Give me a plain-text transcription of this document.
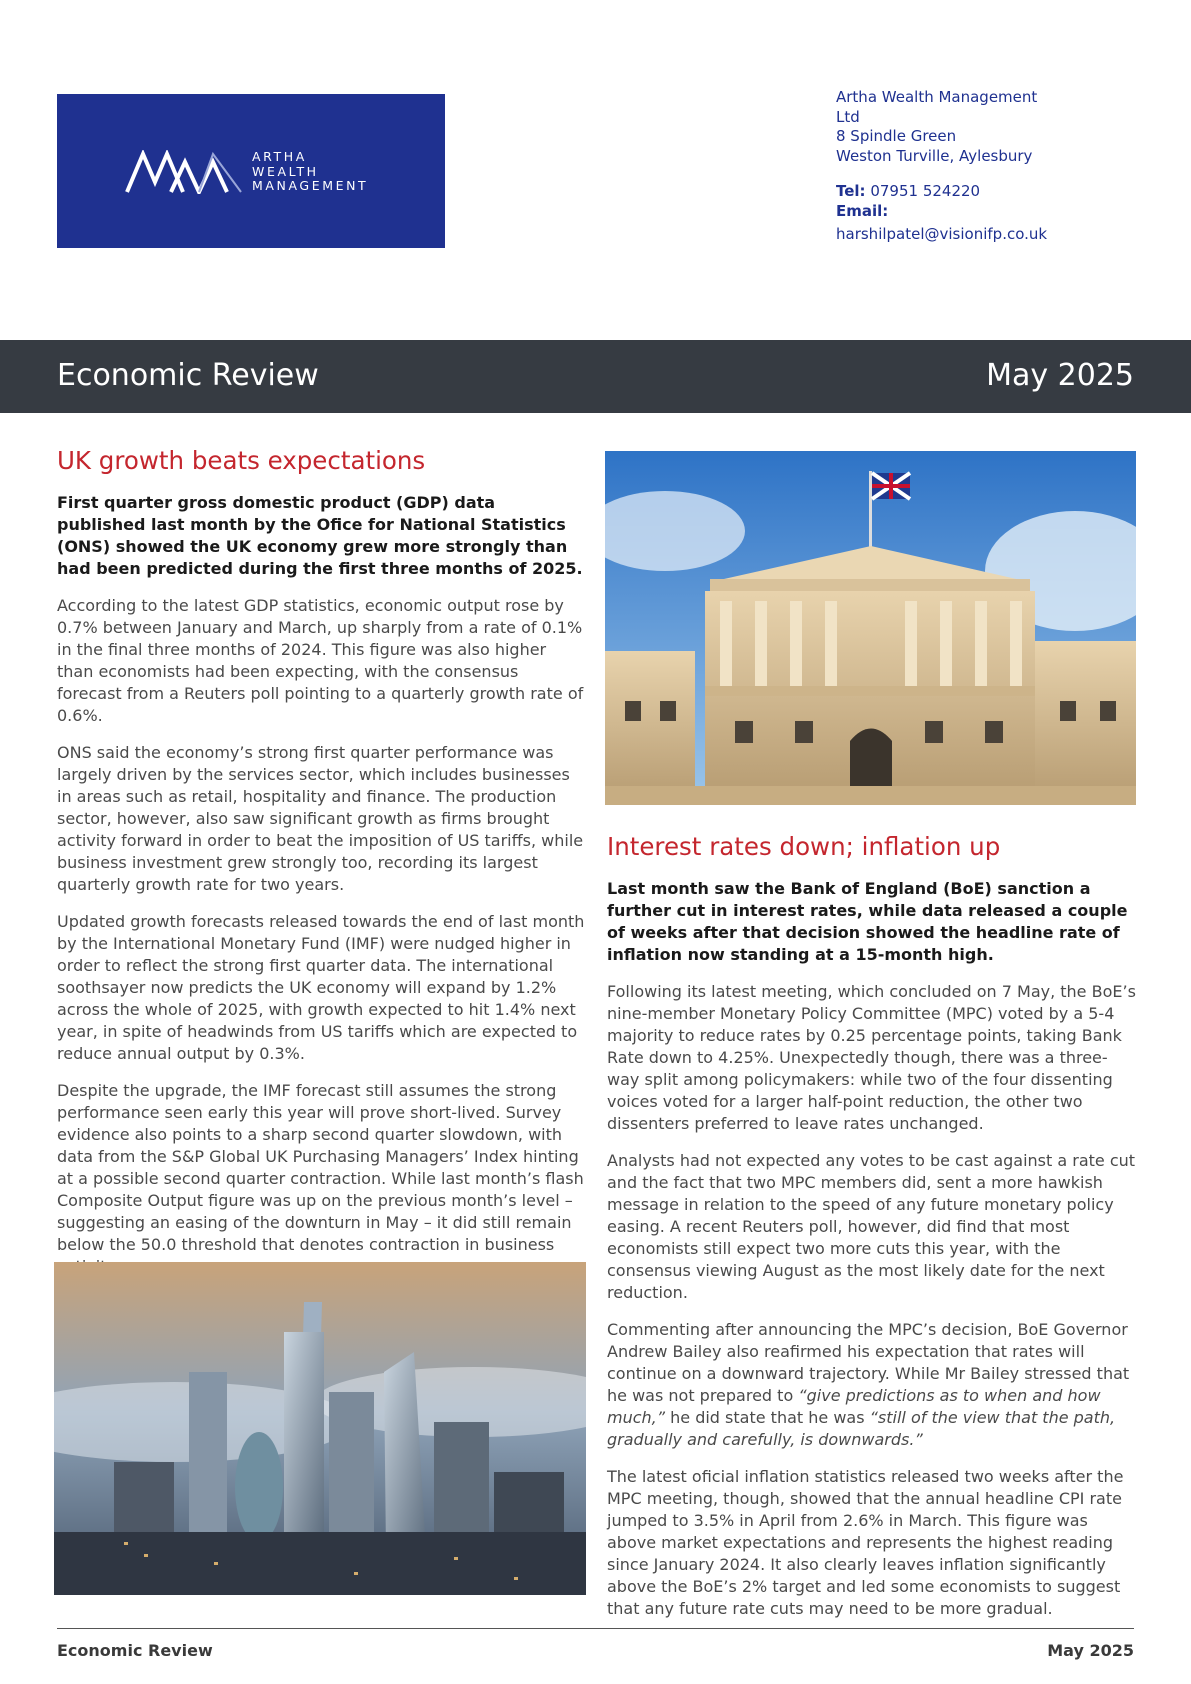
ARTHA
WEALTH
MANAGEMENT
Artha Wealth Management
Ltd
8 Spindle Green
Weston Turville, Aylesbury
Tel: 07951 524220
Email:
harshilpatel@visionifp.co.uk
Economic Review	May 2025
UK growth beats expectations

First quarter gross domestic product (GDP) data published last month by the Ofice for National Statistics (ONS) showed the UK economy grew more strongly than had been predicted during the first three months of 2025.

According to the latest GDP statistics, economic output rose by 0.7% between January and March, up sharply from a rate of 0.1% in the final three months of 2024. This figure was also higher than economists had been expecting, with the consensus forecast from a Reuters poll pointing to a quarterly growth rate of 0.6%.

ONS said the economy’s strong first quarter performance was largely driven by the services sector, which includes businesses in areas such as retail, hospitality and finance. The production sector, however, also saw significant growth as firms brought activity forward in order to beat the imposition of US tariffs, while business investment grew strongly too, recording its largest quarterly growth rate for two years.

Updated growth forecasts released towards the end of last month by the International Monetary Fund (IMF) were nudged higher in order to reflect the strong first quarter data. The international soothsayer now predicts the UK economy will expand by 1.2% across the whole of 2025, with growth expected to hit 1.4% next year, in spite of headwinds from US tariffs which are expected to reduce annual output by 0.3%.

Despite the upgrade, the IMF forecast still assumes the strong performance seen early this year will prove short-lived. Survey evidence also points to a sharp second quarter slowdown, with data from the S&P Global UK Purchasing Managers’ Index hinting at a possible second quarter contraction. While last month’s flash Composite Output figure was up on the previous month’s level – suggesting an easing of the downturn in May – it did still remain below the 50.0 threshold that denotes contraction in business

Interest rates down; inflation up

Last month saw the Bank of England (BoE) sanction a further cut in interest rates, while data released a couple of weeks after that decision showed the headline rate of inflation now standing at a 15-month high.

Following its latest meeting, which concluded on 7 May, the BoE’s nine-member Monetary Policy Committee (MPC) voted by a 5-4 majority to reduce rates by 0.25 percentage points, taking Bank Rate down to 4.25%. Unexpectedly though, there was a three-way split among policymakers: while two of the four dissenting voices voted for a larger half-point reduction, the other two dissenters preferred to leave rates unchanged.

Analysts had not expected any votes to be cast against a rate cut and the fact that two MPC members did, sent a more hawkish message in relation to the speed of any future monetary policy easing. A recent Reuters poll, however, did find that most economists still expect two more cuts this year, with the consensus viewing August as the most likely date for the next reduction.

Commenting after announcing the MPC’s decision, BoE Governor Andrew Bailey also reafirmed his expectation that rates will continue on a downward trajectory. While Mr Bailey stressed that he was not prepared to “give predictions as to when and how much,” he did state that he was “still of the view that the path, gradually and carefully, is downwards.”

The latest oficial inflation statistics released two weeks after the MPC meeting, though, showed that the annual headline CPI rate jumped to 3.5% in April from 2.6% in March. This figure was above market expectations and represents the highest reading since January 2024. It also clearly leaves inflation significantly above the BoE’s 2% target and led some economists to suggest that any future rate cuts may need to be more gradual.

Economic Review	May 2025
